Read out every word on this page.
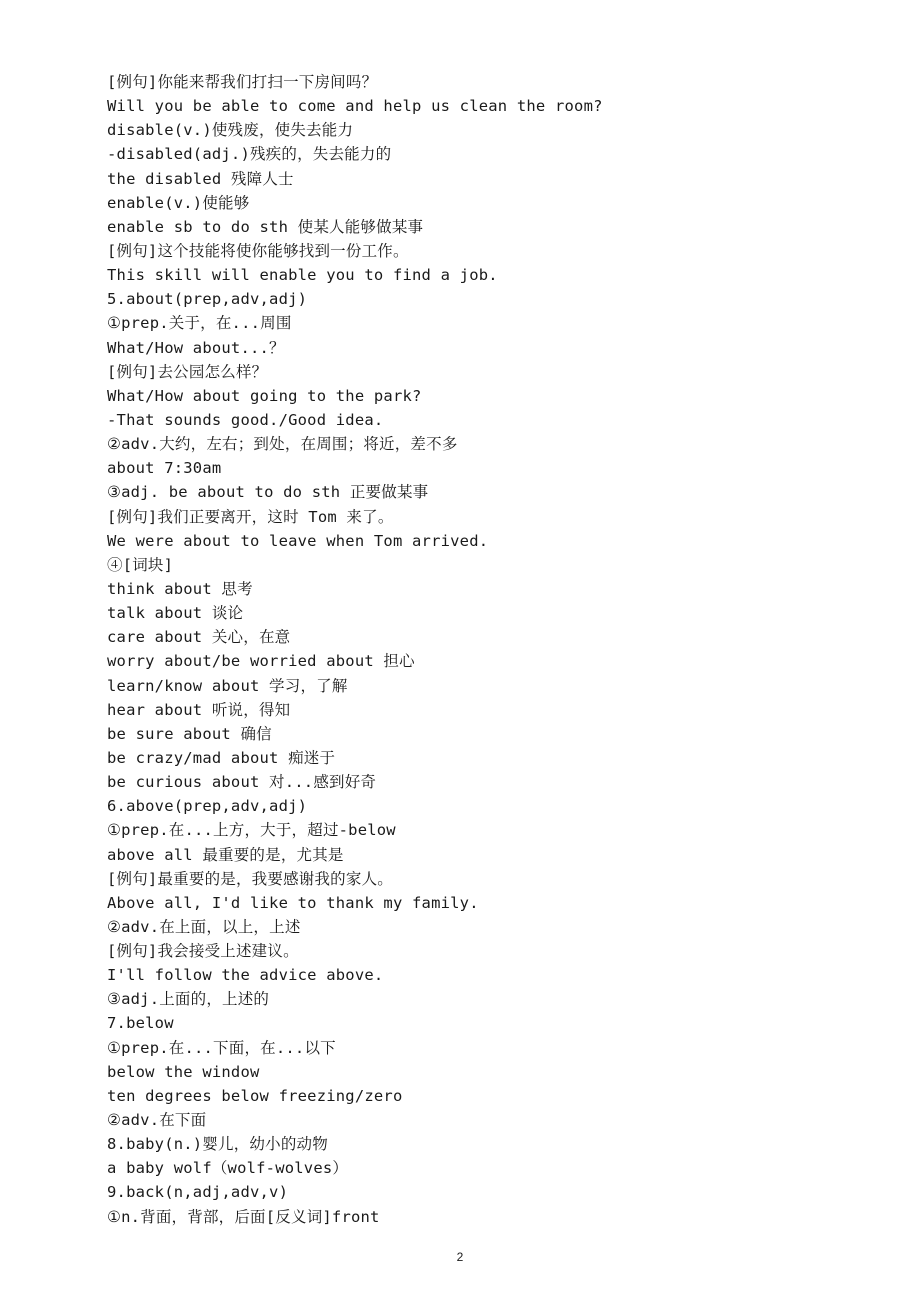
[例句]你能来帮我们打扫一下房间吗？
Will you be able to come and help us clean the room?
disable(v.)使残废，使失去能力
-disabled(adj.)残疾的，失去能力的
the disabled 残障人士
enable(v.)使能够
enable sb to do sth 使某人能够做某事
[例句]这个技能将使你能够找到一份工作。
This skill will enable you to find a job.
5.about(prep,adv,adj)
①prep.关于，在...周围
What/How about...？
[例句]去公园怎么样？
What/How about going to the park?
-That sounds good./Good idea.
②adv.大约，左右；到处，在周围；将近，差不多
about 7:30am
③adj. be about to do sth 正要做某事
[例句]我们正要离开，这时 Tom 来了。
We were about to leave when Tom arrived.
④[词块]
think about 思考
talk about 谈论
care about 关心，在意
worry about/be worried about 担心
learn/know about 学习，了解
hear about 听说，得知
be sure about 确信
be crazy/mad about 痴迷于
be curious about 对...感到好奇
6.above(prep,adv,adj)
①prep.在...上方，大于，超过-below
above all 最重要的是，尤其是
[例句]最重要的是，我要感谢我的家人。
Above all, I'd like to thank my family.
②adv.在上面，以上，上述
[例句]我会接受上述建议。
I'll follow the advice above.
③adj.上面的，上述的
7.below
①prep.在...下面，在...以下
below the window
ten degrees below freezing/zero
②adv.在下面
8.baby(n.)婴儿，幼小的动物
a baby wolf（wolf-wolves）
9.back(n,adj,adv,v)
①n.背面，背部，后面[反义词]front
2
